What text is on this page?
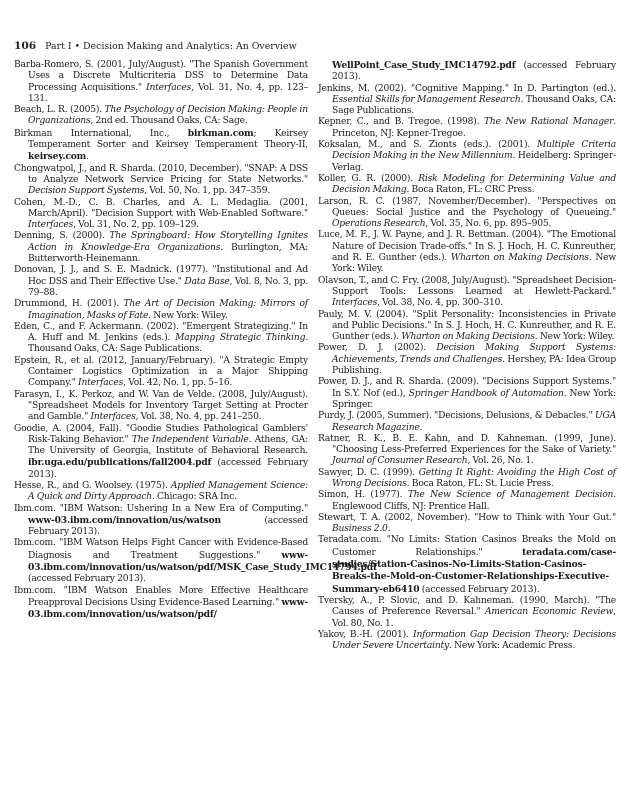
106 Part I • Decision Making and Analytics: An Overview

Barba-Romero, S. (2001, July/August). "The Spanish Government Uses a Discrete Multicriteria DSS to Determine Data Processing Acquisitions." Interfaces, Vol. 31, No. 4, pp. 123–131.

Beach, L. R. (2005). The Psychology of Decision Making: People in Organizations, 2nd ed. Thousand Oaks, CA: Sage.

Birkman International, Inc., birkman.com; Keirsey Temperament Sorter and Keirsey Temperament Theory-II, keirsey.com.

Chongwatpol, J., and R. Sharda. (2010, December). "SNAP: A DSS to Analyze Network Service Pricing for State Networks." Decision Support Systems, Vol. 50, No. 1, pp. 347–359.

Cohen, M.-D., C. B. Charles, and A. L. Medaglia. (2001, March/April). "Decision Support with Web-Enabled Software." Interfaces, Vol. 31, No. 2, pp. 109–129.

Denning, S. (2000). The Springboard: How Storytelling Ignites Action in Knowledge-Era Organizations. Burlington, MA: Butterworth-Heinemann.

Donovan, J. J., and S. E. Madnick. (1977). "Institutional and Ad Hoc DSS and Their Effective Use." Data Base, Vol. 8, No. 3, pp. 79–88.

Drummond, H. (2001). The Art of Decision Making: Mirrors of Imagination, Masks of Fate. New York: Wiley.

Eden, C., and F. Ackermann. (2002). "Emergent Strategizing." In A. Huff and M. Jenkins (eds.). Mapping Strategic Thinking. Thousand Oaks, CA: Sage Publications.

Epstein, R., et al. (2012, January/February). "A Strategic Empty Container Logistics Optimization in a Major Shipping Company." Interfaces, Vol. 42, No. 1, pp. 5–16.

Farasyn, I., K. Perkoz, and W. Van de Velde. (2008, July/August). "Spreadsheet Models for Inventory Target Setting at Procter and Gamble." Interfaces, Vol. 38, No. 4, pp. 241–250.

Goodie, A. (2004, Fall). "Goodie Studies Pathological Gamblers' Risk-Taking Behavior." The Independent Variable. Athens, GA: The University of Georgia, Institute of Behavioral Research. ibr.uga.edu/publications/fall2004.pdf (accessed February 2013).

Hesse, R., and G. Woolsey. (1975). Applied Management Science: A Quick and Dirty Approach. Chicago: SRA Inc.

Ibm.com. "IBM Watson: Ushering In a New Era of Computing." www-03.ibm.com/innovation/us/watson (accessed February 2013).

Ibm.com. "IBM Watson Helps Fight Cancer with Evidence-Based Diagnosis and Treatment Suggestions." www-03.ibm.com/innovation/us/watson/pdf/MSK_Case_Study_IMC14794.pdf (accessed February 2013).

Ibm.com. "IBM Watson Enables More Effective Healthcare Preapproval Decisions Using Evidence-Based Learning." www-03.ibm.com/innovation/us/watson/pdf/

WellPoint_Case_Study_IMC14792.pdf (accessed February 2013).

Jenkins, M. (2002). "Cognitive Mapping." In D. Partington (ed.). Essential Skills for Management Research. Thousand Oaks, CA: Sage Publications.

Kepner, C., and B. Tregoe. (1998). The New Rational Manager. Princeton, NJ: Kepner-Tregoe.

Koksalan, M., and S. Zionts (eds.). (2001). Multiple Criteria Decision Making in the New Millennium. Heidelberg: Springer-Verlag.

Koller, G. R. (2000). Risk Modeling for Determining Value and Decision Making. Boca Raton, FL: CRC Press.

Larson, R. C. (1987, November/December). "Perspectives on Queues: Social Justice and the Psychology of Queueing." Operations Research, Vol. 35, No. 6, pp. 895–905.

Luce, M. F., J. W. Payne, and J. R. Bettman. (2004). "The Emotional Nature of Decision Trade-offs." In S. J. Hoch, H. C. Kunreuther, and R. E. Gunther (eds.). Wharton on Making Decisions. New York: Wiley.

Olavson, T., and C. Fry. (2008, July/August). "Spreadsheet Decision-Support Tools: Lessons Learned at Hewlett-Packard." Interfaces, Vol. 38, No. 4, pp. 300–310.

Pauly, M. V. (2004). "Split Personality: Inconsistencies in Private and Public Decisions." In S. J. Hoch, H. C. Kunreuther, and R. E. Gunther (eds.). Wharton on Making Decisions. New York: Wiley.

Power, D. J. (2002). Decision Making Support Systems: Achievements, Trends and Challenges. Hershey, PA: Idea Group Publishing.

Power, D. J., and R. Sharda. (2009). "Decisions Support Systems." In S.Y. Nof (ed.), Springer Handbook of Automation. New York: Springer.

Purdy, J. (2005, Summer). "Decisions, Delusions, & Debacles." UGA Research Magazine.

Ratner, R. K., B. E. Kahn, and D. Kahneman. (1999, June). "Choosing Less-Preferred Experiences for the Sake of Variety." Journal of Consumer Research, Vol. 26, No. 1.

Sawyer, D. C. (1999). Getting It Right: Avoiding the High Cost of Wrong Decisions. Boca Raton, FL: St. Lucie Press.

Simon, H. (1977). The New Science of Management Decision. Englewood Cliffs, NJ: Prentice Hall.

Stewart, T. A. (2002, November). "How to Think with Your Gut." Business 2.0.

Teradata.com. "No Limits: Station Casinos Breaks the Mold on Customer Relationships." teradata.com/case-studies/Station-Casinos-No-Limits-Station-Casinos-Breaks-the-Mold-on-Customer-Relationships-Executive-Summary-eb6410 (accessed February 2013).

Tversky, A., P. Slovic, and D. Kahneman. (1990, March). "The Causes of Preference Reversal." American Economic Review, Vol. 80, No. 1.

Yakov, B.-H. (2001). Information Gap Decision Theory: Decisions Under Severe Uncertainty. New York: Academic Press.
